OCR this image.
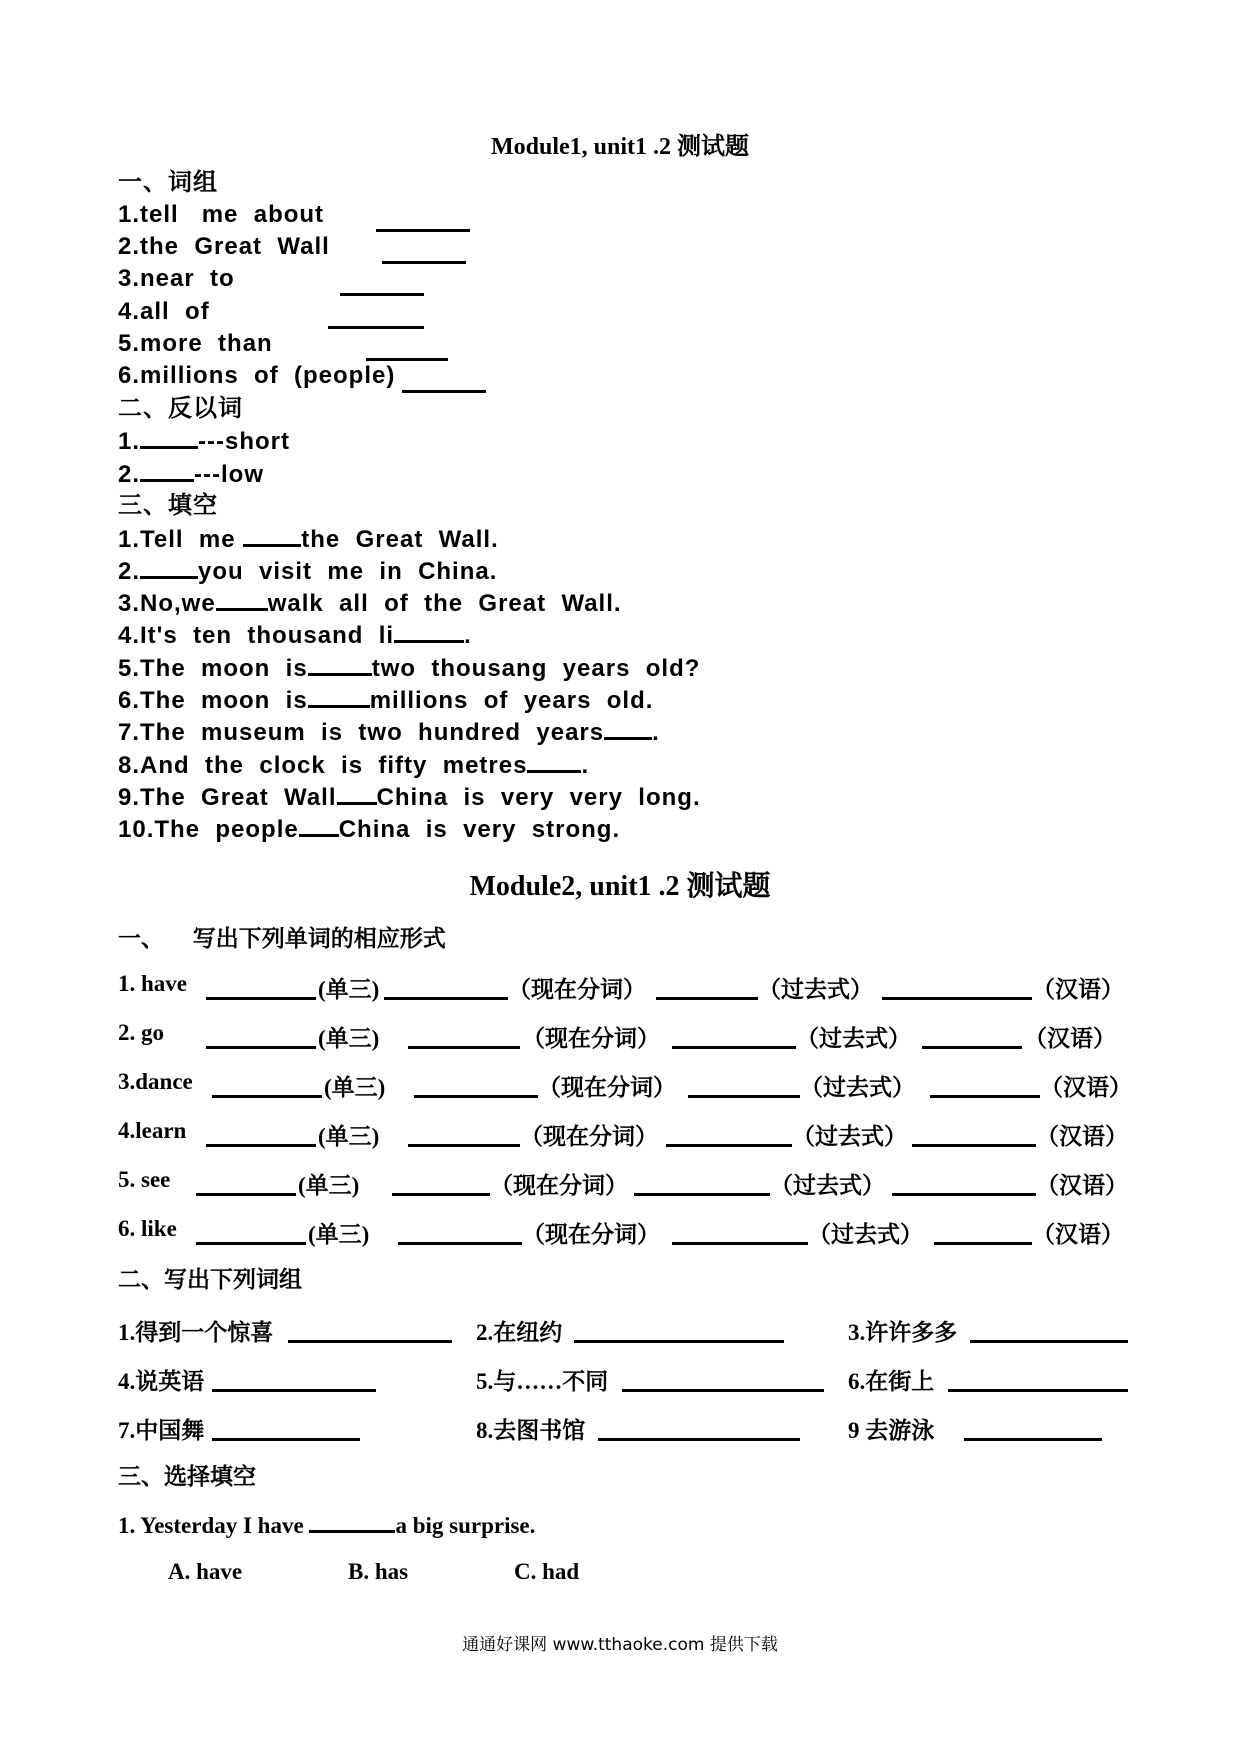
Module1, unit1 .2 测试题
一、词组
1.tell   me  about
2.the  Great  Wall
3.near  to
4.all  of
5.more  than
6.millions  of  (people)
二、反以词
1. ---short
2. ---low
三、填空
1.Tell  me the  Great  Wall.
2. you  visit  me  in  China.
3.No,we walk  all  of  the  Great  Wall.
4.It's  ten  thousand  li	.
5.The  moon  is	two  thousang  years  old?
6.The  moon  is	millions  of  years  old.
7.The  museum  is  two  hundred  years .
8.And  the  clock  is  fifty  metres .
9.The  Great  Wall China  is  very  very  long.
10.The  people China  is  very  strong.
Module2, unit1 .2 测试题
一、     写出下列单词的相应形式
1. have	(单三)	（现在分词）	（过去式）	（汉语）
2. go	(单三)	（现在分词）	（过去式）	（汉语）
3.dance	(单三)	（现在分词）	（过去式）	（汉语）
4.learn	(单三)	（现在分词）	（过去式）	（汉语）
5. see	(单三)	（现在分词）	（过去式）	（汉语）
6. like	(单三)	（现在分词）	（过去式）	（汉语）
二、写出下列词组
1.得到一个惊喜	2.在纽约	3.许许多多
4.说英语	5.与……不同	6.在街上
7.中国舞	8.去图书馆	9 去游泳
三、选择填空
1. Yesterday I have	a big surprise.
A. have	B. has	C. had
通通好课网 www.tthaoke.com 提供下载
